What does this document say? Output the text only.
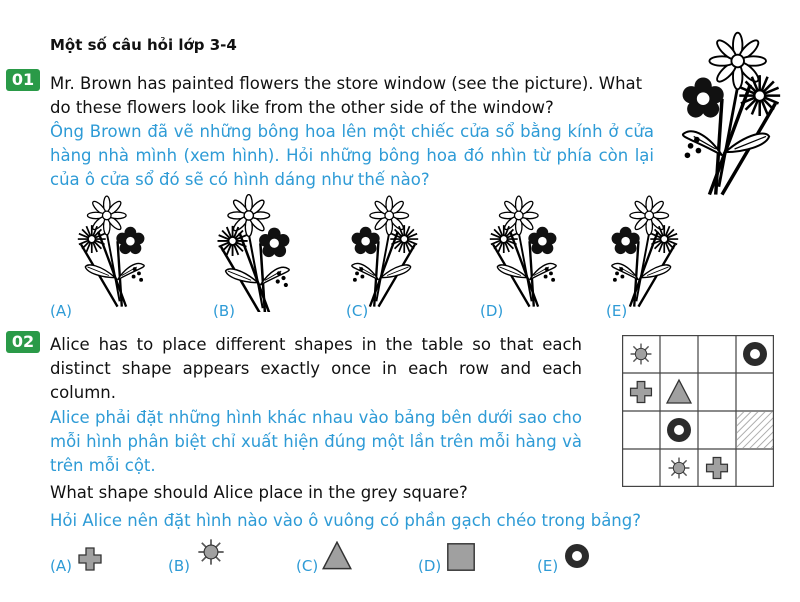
Một số câu hỏi lớp 3-4
01 Mr. Brown has painted flowers the store window (see the picture). What do these flowers look like from the other side of the window?
Ông Brown đã vẽ những bông hoa lên một chiếc cửa sổ bằng kính ở cửa hàng nhà mình (xem hình). Hỏi những bông hoa đó nhìn từ phía còn lại của ô cửa sổ đó sẽ có hình dáng như thế nào?
(A)	(B)	(C)	(D)	(E)
02 Alice has to place different shapes in the table so that each distinct shape appears exactly once in each row and each column.
Alice phải đặt những hình khác nhau vào bảng bên dưới sao cho mỗi hình phân biệt chỉ xuất hiện đúng một lần trên mỗi hàng và trên mỗi cột.
What shape should Alice place in the grey square?
Hỏi Alice nên đặt hình nào vào ô vuông có phần gạch chéo trong bảng?
(A)	(B)	(C)	(D)	(E)
